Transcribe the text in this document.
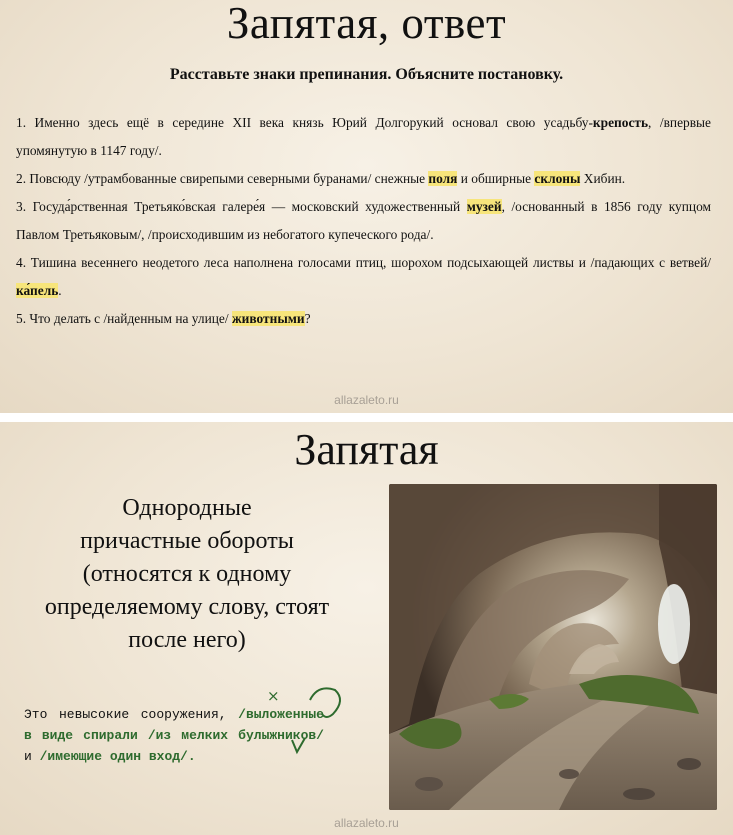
Запятая, ответ
Расставьте знаки препинания. Объясните постановку.
1. Именно здесь ещё в середине XII века князь Юрий Долгорукий основал свою усадьбу-крепость, /впервые упомянутую в 1147 году/.
2. Повсюду /утрамбованные свирепыми северными буранами/ снежные поля и обширные склоны Хибин.
3. Госуда́рственная Третьяко́вская галере́я — московский художественный музей, /основанный в 1856 году купцом Павлом Третьяковым/, /происходившим из небогатого купеческого рода/.
4. Тишина весеннего неодетого леса наполнена голосами птиц, шорохом подсыхающей листвы и /падающих с ветвей/ ка́пель.
5. Что делать с /найденным на улице/ животными?
allazaleto.ru
Запятая
Однородные
причастные обороты
(относятся к одному определяемому слову, стоят после него)
Это невысокие сооружения, /выложенные в виде спирали /из мелких булыжников/ и /имеющие один вход/.
×
allazaleto.ru
